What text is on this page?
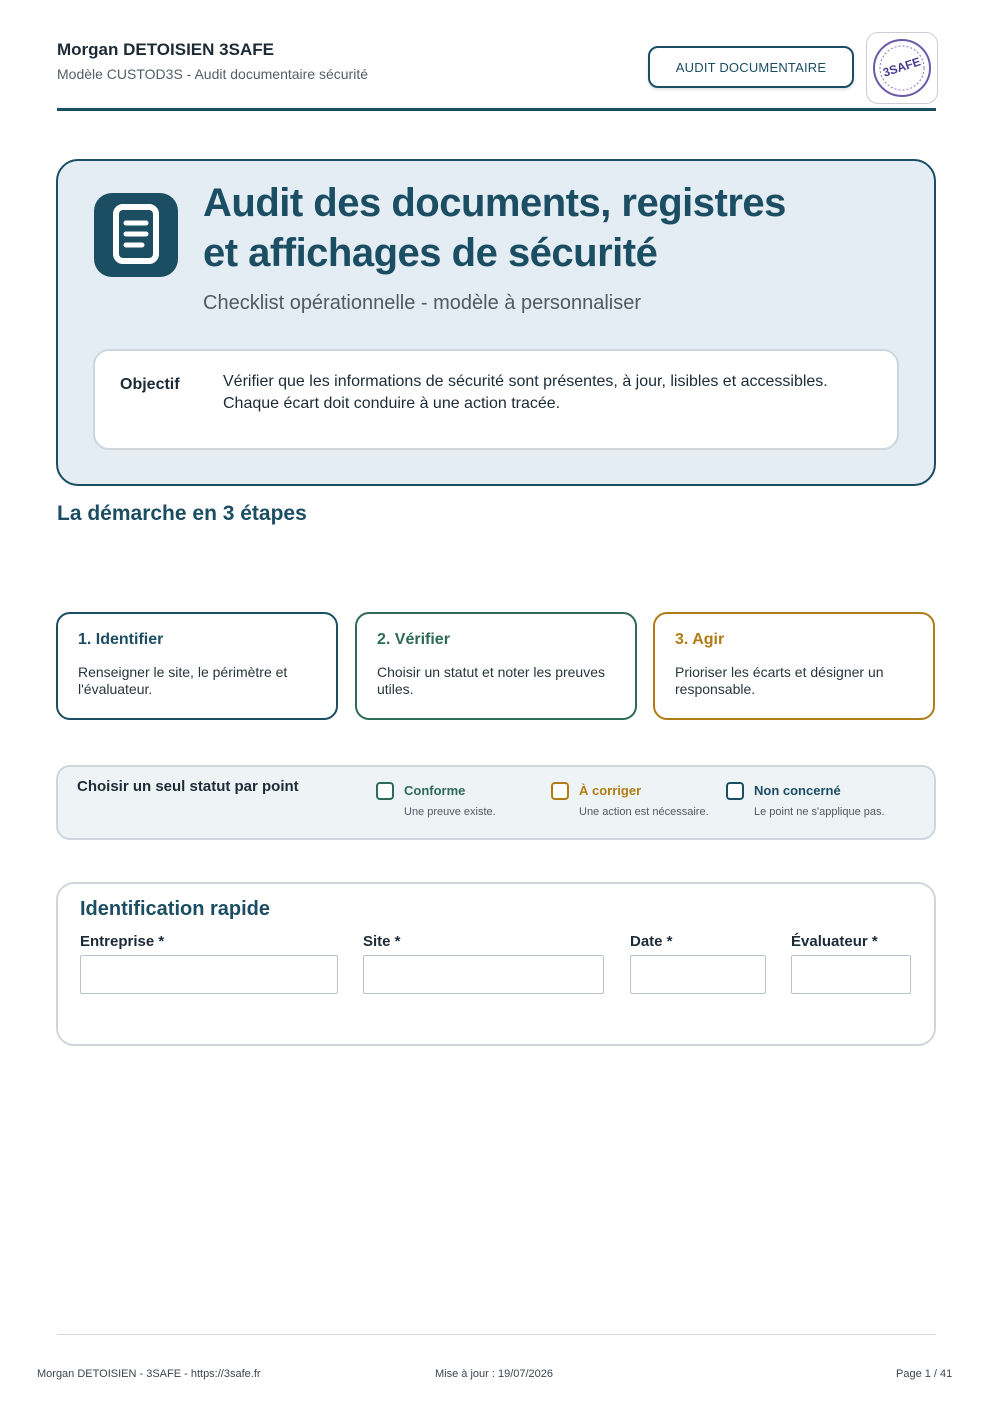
Morgan DETOISIEN 3SAFE
Modèle CUSTOD3S - Audit documentaire sécurité	AUDIT DOCUMENTAIRE	3SAFE
Audit des documents, registres
et affichages de sécurité
Checklist opérationnelle - modèle à personnaliser
Objectif	Vérifier que les informations de sécurité sont présentes, à jour, lisibles et accessibles.
Chaque écart doit conduire à une action tracée.
La démarche en 3 étapes
1. Identifier
Renseigner le site, le périmètre et l'évaluateur.
2. Vérifier
Choisir un statut et noter les preuves utiles.
3. Agir
Prioriser les écarts et désigner un responsable.
Choisir un seul statut par point	Conforme
Une preuve existe.
À corriger
Une action est nécessaire.
Non concerné
Le point ne s'applique pas.
Identification rapide
Entreprise *	Site *	Date *	Évaluateur *
Morgan DETOISIEN - 3SAFE - https://3safe.fr	Mise à jour : 19/07/2026	Page 1 / 41
